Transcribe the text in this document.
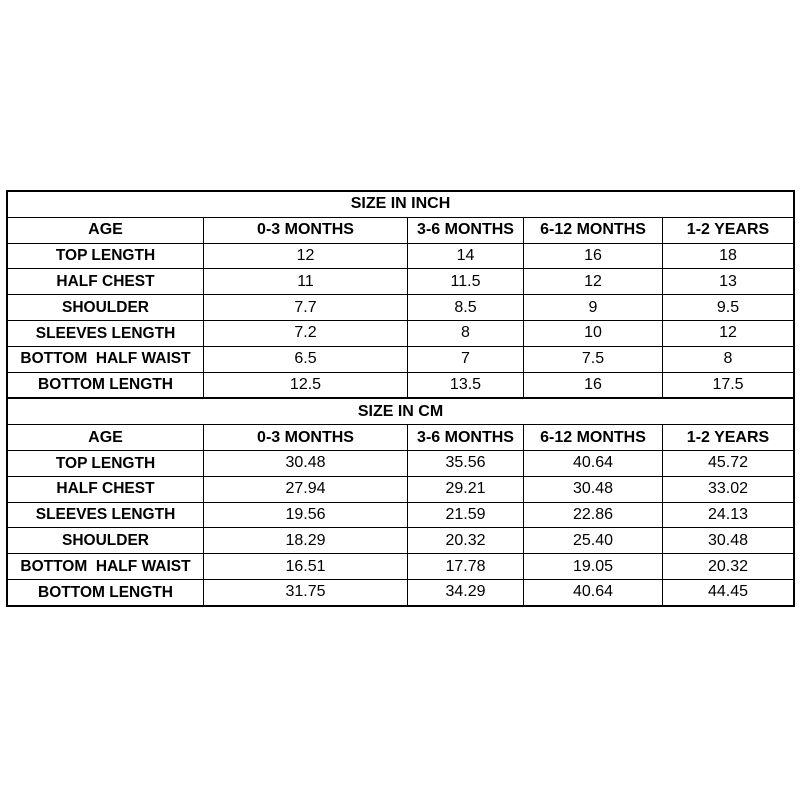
SIZE IN INCH				
AGE	0-3 MONTHS	3-6 MONTHS	6-12 MONTHS	1-2 YEARS
TOP LENGTH	12	14	16	18
HALF CHEST	11	11.5	12	13
SHOULDER	7.7	8.5	9	9.5
SLEEVES LENGTH	7.2	8	10	12
BOTTOM  HALF WAIST	6.5	7	7.5	8
BOTTOM LENGTH	12.5	13.5	16	17.5
SIZE IN CM				
AGE	0-3 MONTHS	3-6 MONTHS	6-12 MONTHS	1-2 YEARS
TOP LENGTH	30.48	35.56	40.64	45.72
HALF CHEST	27.94	29.21	30.48	33.02
SLEEVES LENGTH	19.56	21.59	22.86	24.13
SHOULDER	18.29	20.32	25.40	30.48
BOTTOM  HALF WAIST	16.51	17.78	19.05	20.32
BOTTOM LENGTH	31.75	34.29	40.64	44.45
